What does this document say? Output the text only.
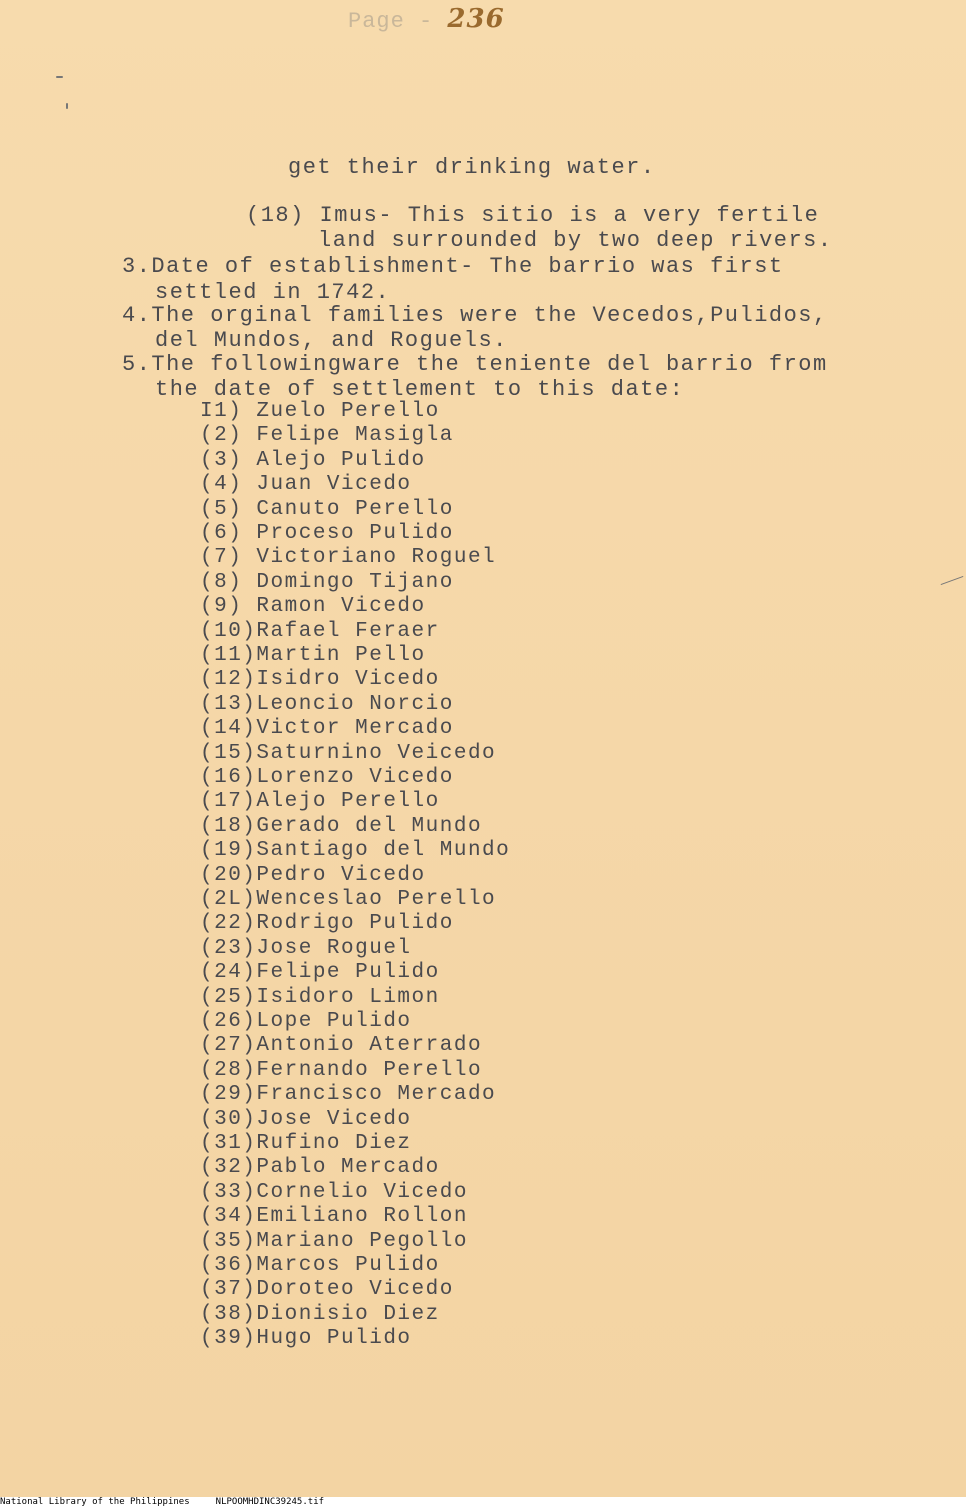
Page - 236
get their drinking water.
(18) Imus- This sitio is a very fertile
land surrounded by two deep rivers.
3.Date of establishment- The barrio was first
settled in 1742.
4.The orginal families were the Vecedos,Pulidos,
del Mundos, and Roguels.
5.The followingware the teniente del barrio from
the date of settlement to this date:
I1) Zuelo Perello
(2) Felipe Masigla
(3) Alejo Pulido
(4) Juan Vicedo
(5) Canuto Perello
(6) Proceso Pulido
(7) Victoriano Roguel
(8) Domingo Tijano
(9) Ramon Vicedo
(10)Rafael Feraer
(11)Martin Pello
(12)Isidro Vicedo
(13)Leoncio Norcio
(14)Victor Mercado
(15)Saturnino Veicedo
(16)Lorenzo Vicedo
(17)Alejo Perello
(18)Gerado del Mundo
(19)Santiago del Mundo
(20)Pedro Vicedo
(2L)Wenceslao Perello
(22)Rodrigo Pulido
(23)Jose Roguel
(24)Felipe Pulido
(25)Isidoro Limon
(26)Lope Pulido
(27)Antonio Aterrado
(28)Fernando Perello
(29)Francisco Mercado
(30)Jose Vicedo
(31)Rufino Diez
(32)Pablo Mercado
(33)Cornelio Vicedo
(34)Emiliano Rollon
(35)Mariano Pegollo
(36)Marcos Pulido
(37)Doroteo Vicedo
(38)Dionisio Diez
(39)Hugo Pulido
National Library of the Philippines	NLPOOMHDINC39245.tif
